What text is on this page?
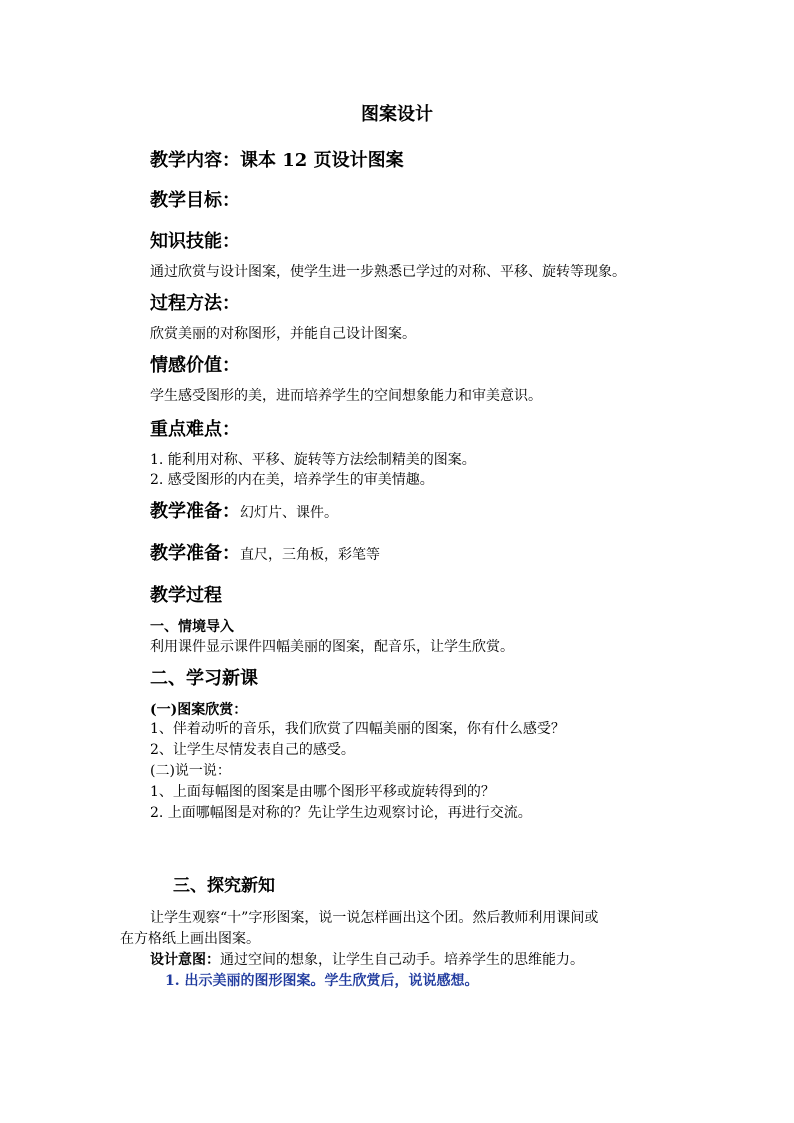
图案设计
教学内容：课本 12 页设计图案
教学目标：
知识技能：
通过欣赏与设计图案，使学生进一步熟悉已学过的对称、平移、旋转等现象。
过程方法：
欣赏美丽的对称图形，并能自己设计图案。
情感价值：
学生感受图形的美，进而培养学生的空间想象能力和审美意识。
重点难点：
1. 能利用对称、平移、旋转等方法绘制精美的图案。
2. 感受图形的内在美，培养学生的审美情趣。
教学准备：幻灯片、课件。
教学准备：直尺，三角板，彩笔等
教学过程
一、情境导入
利用课件显示课件四幅美丽的图案，配音乐，让学生欣赏。
二、学习新课
(一)图案欣赏：
1、伴着动听的音乐，我们欣赏了四幅美丽的图案，你有什么感受？
2、让学生尽情发表自己的感受。
(二)说一说：
1、上面每幅图的图案是由哪个图形平移或旋转得到的？
2. 上面哪幅图是对称的？先让学生边观察讨论，再进行交流。
三、探究新知
让学生观察“十”字形图案，说一说怎样画出这个团。然后教师利用课间或
在方格纸上画出图案。
设计意图：通过空间的想象，让学生自己动手。培养学生的思维能力。
1. 出示美丽的图形图案。学生欣赏后，说说感想。
